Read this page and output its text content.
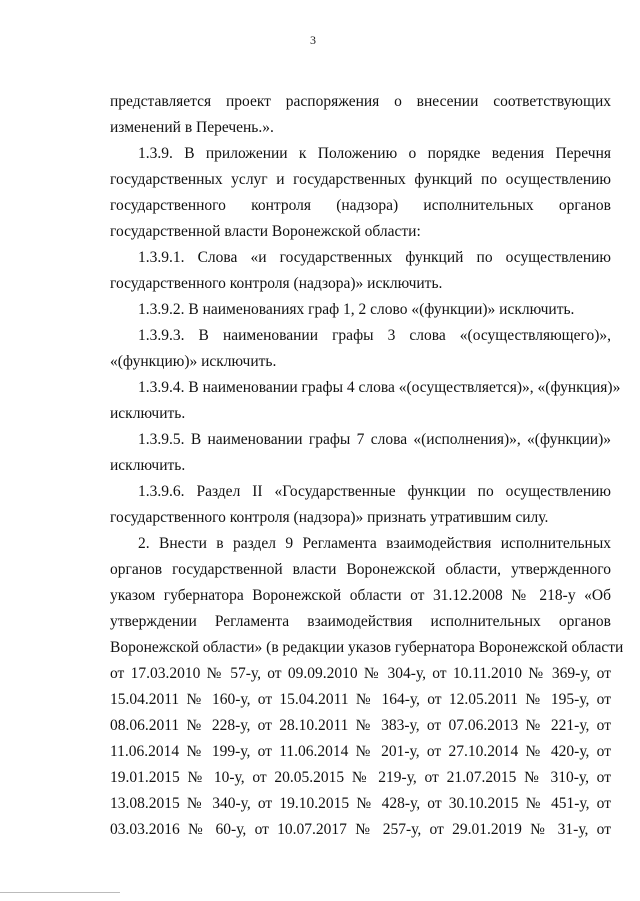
3
представляется проект распоряжения о внесении соответствующих
изменений в Перечень.».
1.3.9. В приложении к Положению о порядке ведения Перечня
государственных услуг и государственных функций по осуществлению
государственного контроля (надзора) исполнительных органов
государственной власти Воронежской области:
1.3.9.1. Слова «и государственных функций по осуществлению
государственного контроля (надзора)» исключить.
1.3.9.2. В наименованиях граф 1, 2 слово «(функции)» исключить.
1.3.9.3. В наименовании графы 3 слова «(осуществляющего)»,
«(функцию)» исключить.
1.3.9.4. В наименовании графы 4 слова «(осуществляется)», «(функция)»
исключить.
1.3.9.5. В наименовании графы 7 слова «(исполнения)», «(функции)»
исключить.
1.3.9.6. Раздел II «Государственные функции по осуществлению
государственного контроля (надзора)» признать утратившим силу.
2. Внести в раздел 9 Регламента взаимодействия исполнительных
органов государственной власти Воронежской области, утвержденного
указом губернатора Воронежской области от 31.12.2008 № 218-у «Об
утверждении Регламента взаимодействия исполнительных органов
Воронежской области» (в редакции указов губернатора Воронежской области
от 17.03.2010 № 57-у, от 09.09.2010 № 304-у, от 10.11.2010 № 369-у, от
15.04.2011 № 160-у, от 15.04.2011 № 164-у, от 12.05.2011 № 195-у, от
08.06.2011 № 228-у, от 28.10.2011 № 383-у, от 07.06.2013 № 221-у, от
11.06.2014 № 199-у, от 11.06.2014 № 201-у, от 27.10.2014 № 420-у, от
19.01.2015 № 10-у, от 20.05.2015 № 219-у, от 21.07.2015 № 310-у, от
13.08.2015 № 340-у, от 19.10.2015 № 428-у, от 30.10.2015 № 451-у, от
03.03.2016 № 60-у, от 10.07.2017 № 257-у, от 29.01.2019 № 31-у, от
